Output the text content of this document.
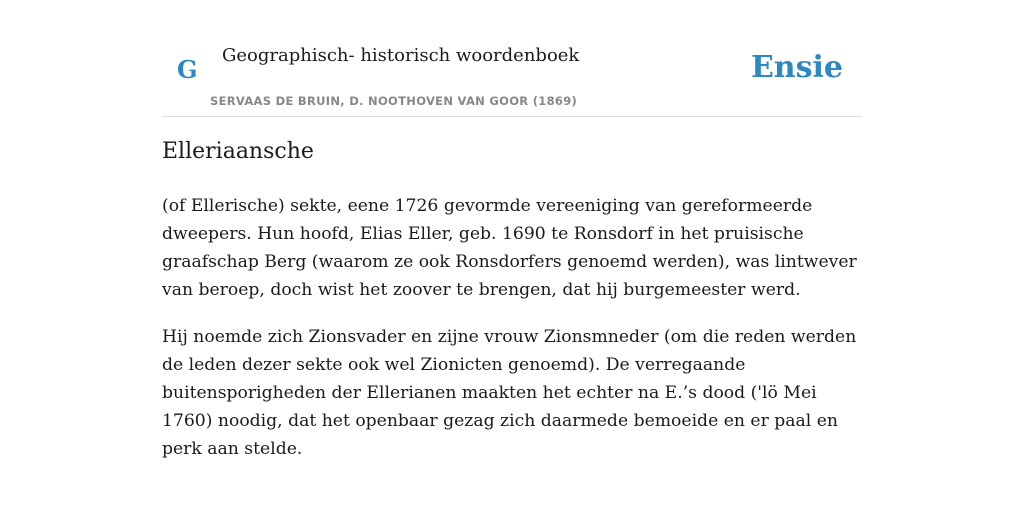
G Geographisch- historisch woordenboek
SERVAAS DE BRUIN, D. NOOTHOVEN VAN GOOR (1869)
Ensie
Elleriaansche

(of Ellerische) sekte, eene 1726 gevormde vereeniging van gereformeerde dweepers. Hun hoofd, Elias Eller, geb. 1690 te Ronsdorf in het pruisische graafschap Berg (waarom ze ook Ronsdorfers genoemd werden), was lintwever van beroep, doch wist het zoover te brengen, dat hij burgemeester werd.

Hij noemde zich Zionsvader en zijne vrouw Zionsmneder (om die reden werden de leden dezer sekte ook wel Zionicten genoemd). De verregaande buitensporigheden der Ellerianen maakten het echter na E.’s dood ('lö Mei 1760) noodig, dat het openbaar gezag zich daarmede bemoeide en er paal en perk aan stelde.
